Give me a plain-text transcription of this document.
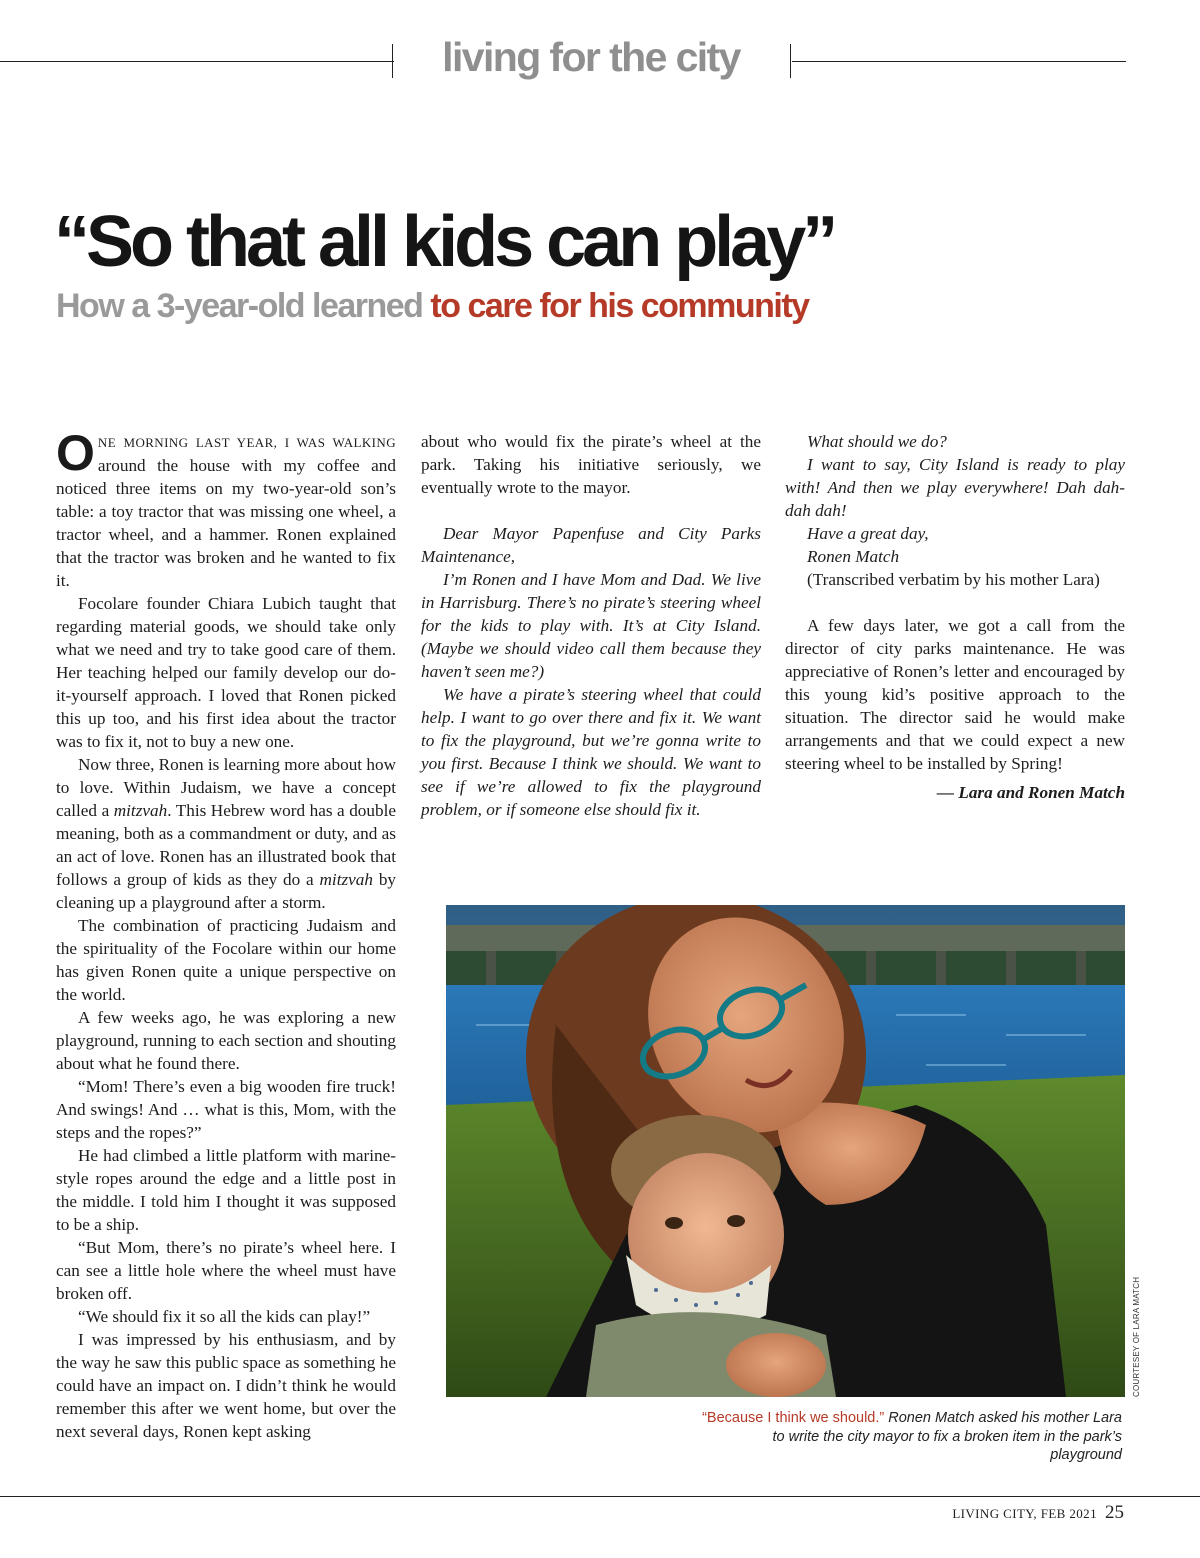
living for the city
“So that all kids can play”
How a 3-year-old learned to care for his community

ONE MORNING LAST YEAR, I WAS WALKING around the house with my coffee and noticed three items on my two-year-old son’s table: a toy tractor that was missing one wheel, a tractor wheel, and a hammer. Ronen explained that the tractor was broken and he wanted to fix it.

Focolare founder Chiara Lubich taught that regarding material goods, we should take only what we need and try to take good care of them. Her teaching helped our family develop our do-it-yourself approach. I loved that Ronen picked this up too, and his first idea about the tractor was to fix it, not to buy a new one.

Now three, Ronen is learning more about how to love. Within Judaism, we have a concept called a mitzvah. This Hebrew word has a double meaning, both as a commandment or duty, and as an act of love. Ronen has an illustrated book that follows a group of kids as they do a mitzvah by cleaning up a playground after a storm.

The combination of practicing Judaism and the spirituality of the Focolare within our home has given Ronen quite a unique perspective on the world.

A few weeks ago, he was exploring a new playground, running to each section and shouting about what he found there.

“Mom! There’s even a big wooden fire truck! And swings! And … what is this, Mom, with the steps and the ropes?”

He had climbed a little platform with marine-style ropes around the edge and a little post in the middle. I told him I thought it was supposed to be a ship.

“But Mom, there’s no pirate’s wheel here. I can see a little hole where the wheel must have broken off.

“We should fix it so all the kids can play!”

I was impressed by his enthusiasm, and by the way he saw this public space as something he could have an impact on. I didn’t think he would remember this after we went home, but over the next several days, Ronen kept asking

about who would fix the pirate’s wheel at the park. Taking his initiative seriously, we eventually wrote to the mayor.

Dear Mayor Papenfuse and City Parks Maintenance,

I’m Ronen and I have Mom and Dad. We live in Harrisburg. There’s no pirate’s steering wheel for the kids to play with. It’s at City Island. (Maybe we should video call them because they haven’t seen me?)

We have a pirate’s steering wheel that could help. I want to go over there and fix it. We want to fix the playground, but we’re gonna write to you first. Because I think we should. We want to see if we’re allowed to fix the playground problem, or if someone else should fix it.

What should we do?

I want to say, City Island is ready to play with! And then we play everywhere! Dah dah-dah dah!

Have a great day,

Ronen Match

(Transcribed verbatim by his mother Lara)

A few days later, we got a call from the director of city parks maintenance. He was appreciative of Ronen’s letter and encouraged by this young kid’s positive approach to the situation. The director said he would make arrangements and that we could expect a new steering wheel to be installed by Spring!

— Lara and Ronen Match

COURTESEY OF LARA MATCH
“Because I think we should.” Ronen Match asked his mother Lara to write the city mayor to fix a broken item in the park’s playground
LIVING CITY, FEB 2021 25
